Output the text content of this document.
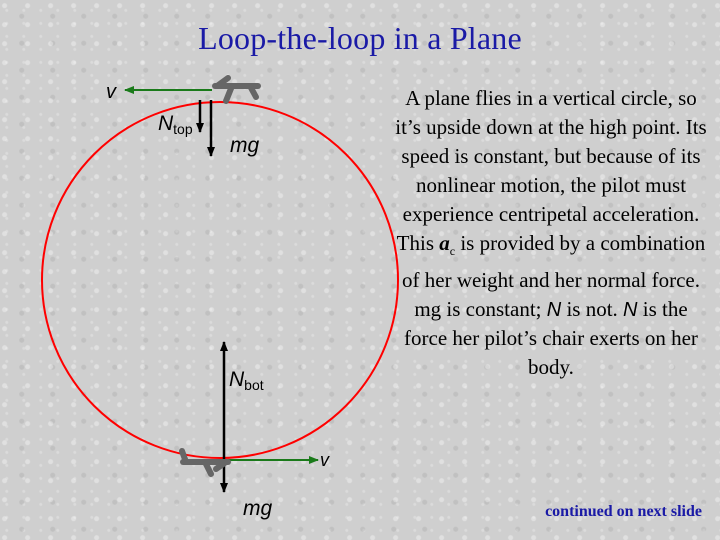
Loop-the-loop in a Plane
v
Ntop
mg
Nbot
v
mg
A plane flies in a vertical circle, so it’s upside down at the high point. Its speed is constant, but because of its nonlinear motion, the pilot must experience centripetal acceleration. This $a_c$ is provided by a combination of her weight and her normal force. mg is constant; N is not. N is the force her pilot’s chair exerts on her body.
continued on next slide
